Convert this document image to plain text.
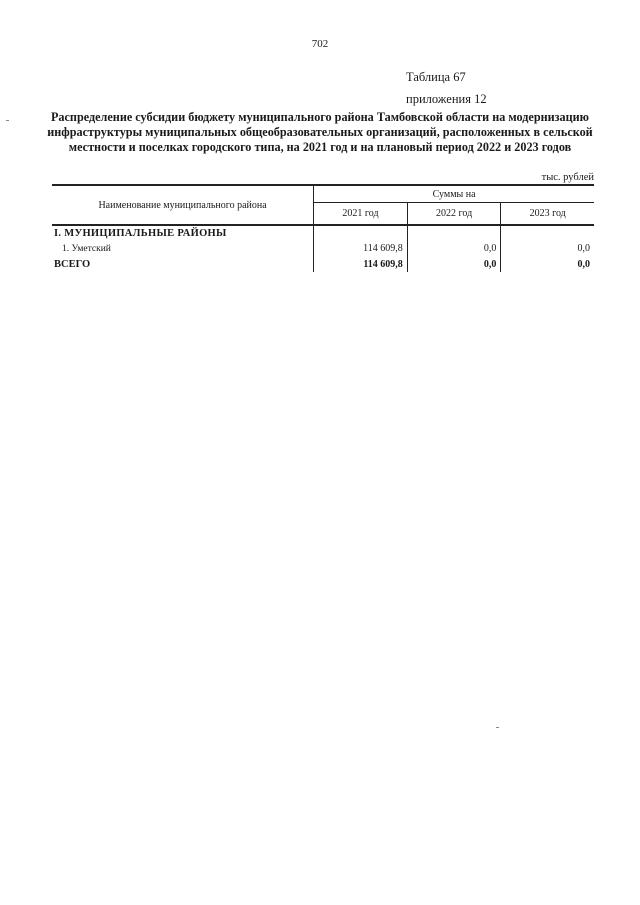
702
Таблица 67
приложения 12

Распределение субсидии бюджету муниципального района Тамбовской области на модернизацию инфраструктуры муниципальных общеобразовательных организаций, расположенных в сельской местности и поселках городского типа, на 2021 год и на плановый период 2022 и 2023 годов

тыс. рублей
Наименование муниципального района	Суммы на		
	2021 год	2022 год	2023 год
I. МУНИЦИПАЛЬНЫЕ РАЙОНЫ			
1. Уметский	114 609,8	0,0	0,0
ВСЕГО	114 609,8	0,0	0,0
